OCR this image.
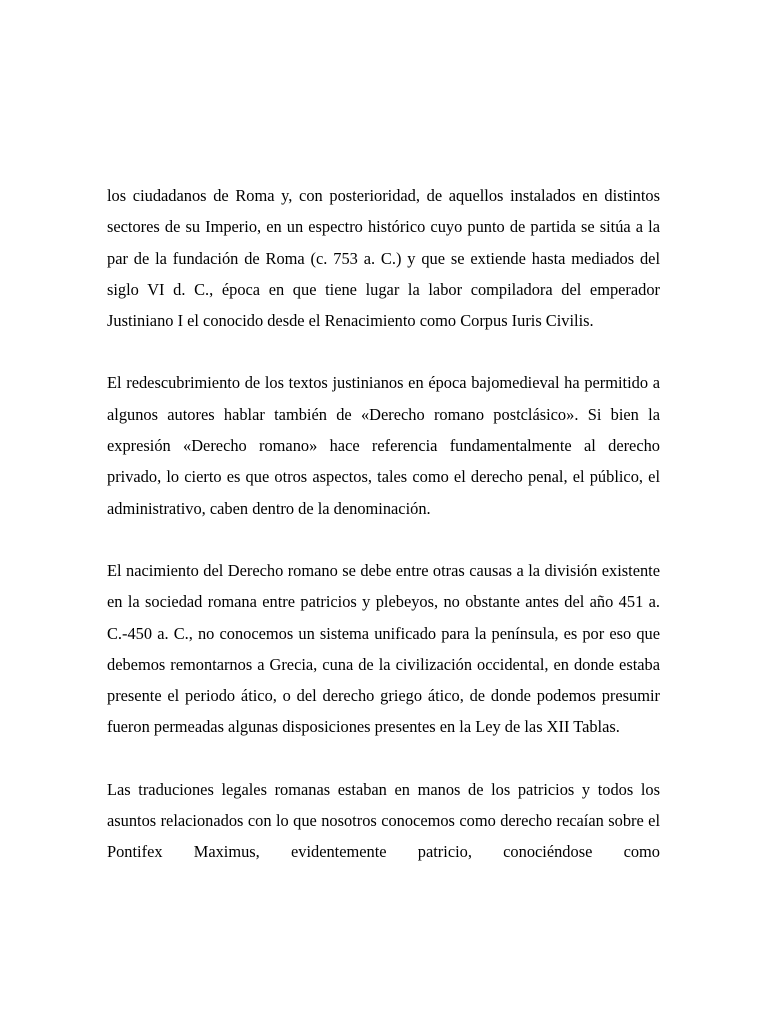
los ciudadanos de Roma y, con posterioridad, de aquellos instalados en distintos sectores de su Imperio, en un espectro histórico cuyo punto de partida se sitúa a la par de la fundación de Roma (c. 753 a. C.) y que se extiende hasta mediados del siglo VI d. C., época en que tiene lugar la labor compiladora del emperador Justiniano I el conocido desde el Renacimiento como Corpus Iuris Civilis.

El redescubrimiento de los textos justinianos en época bajomedieval ha permitido a algunos autores hablar también de «Derecho romano postclásico». Si bien la expresión «Derecho romano» hace referencia fundamentalmente al derecho privado, lo cierto es que otros aspectos, tales como el derecho penal, el público, el administrativo, caben dentro de la denominación.

El nacimiento del Derecho romano se debe entre otras causas a la división existente en la sociedad romana entre patricios y plebeyos, no obstante antes del año 451 a. C.-450 a. C., no conocemos un sistema unificado para la península, es por eso que debemos remontarnos a Grecia, cuna de la civilización occidental, en donde estaba presente el periodo ático, o del derecho griego ático, de donde podemos presumir fueron permeadas algunas disposiciones presentes en la Ley de las XII Tablas.

Las traduciones legales romanas estaban en manos de los patricios y todos los asuntos relacionados con lo que nosotros conocemos como derecho recaían sobre el Pontifex Maximus, evidentemente patricio, conociéndose como
